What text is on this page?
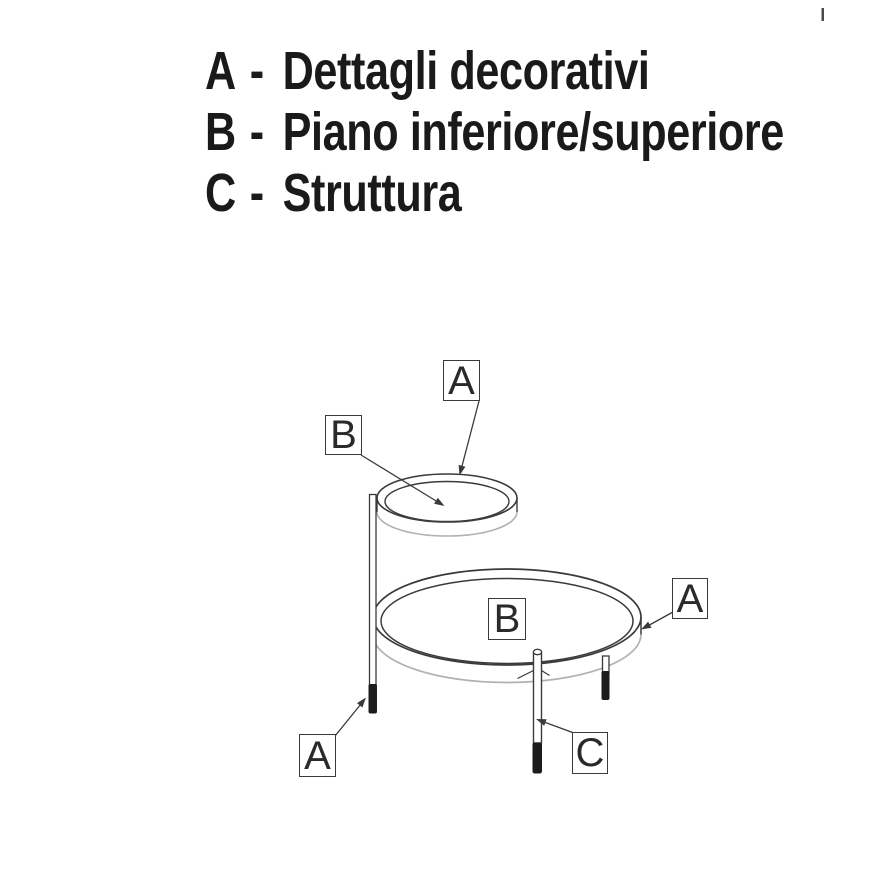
A - Dettagli decorativi
B - Piano inferiore/superiore
C - Struttura
A
B
B	A
A	C
